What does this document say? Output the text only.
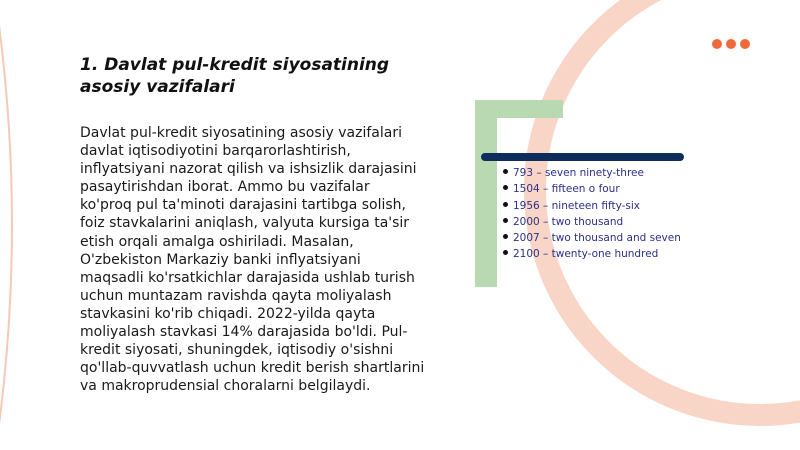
1. Davlat pul-kredit siyosatining asosiy vazifalari

Davlat pul-kredit siyosatining asosiy vazifalari davlat iqtisodiyotini barqarorlashtirish, inflyatsiyani nazorat qilish va ishsizlik darajasini pasaytirishdan iborat. Ammo bu vazifalar ko'proq pul ta'minoti darajasini tartibga solish, foiz stavkalarini aniqlash, valyuta kursiga ta'sir etish orqali amalga oshiriladi. Masalan, O'zbekiston Markaziy banki inflyatsiyani maqsadli ko'rsatkichlar darajasida ushlab turish uchun muntazam ravishda qayta moliyalash stavkasini ko'rib chiqadi. 2022-yilda qayta moliyalash stavkasi 14% darajasida bo'ldi. Pul-kredit siyosati, shuningdek, iqtisodiy o'sishni qo'llab-quvvatlash uchun kredit berish shartlarini va makroprudensial choralarni belgilaydi.

793 – seven ninety-three
1504 – fifteen o four
1956 – nineteen fifty-six
2000 – two thousand
2007 – two thousand and seven
2100 – twenty-one hundred
